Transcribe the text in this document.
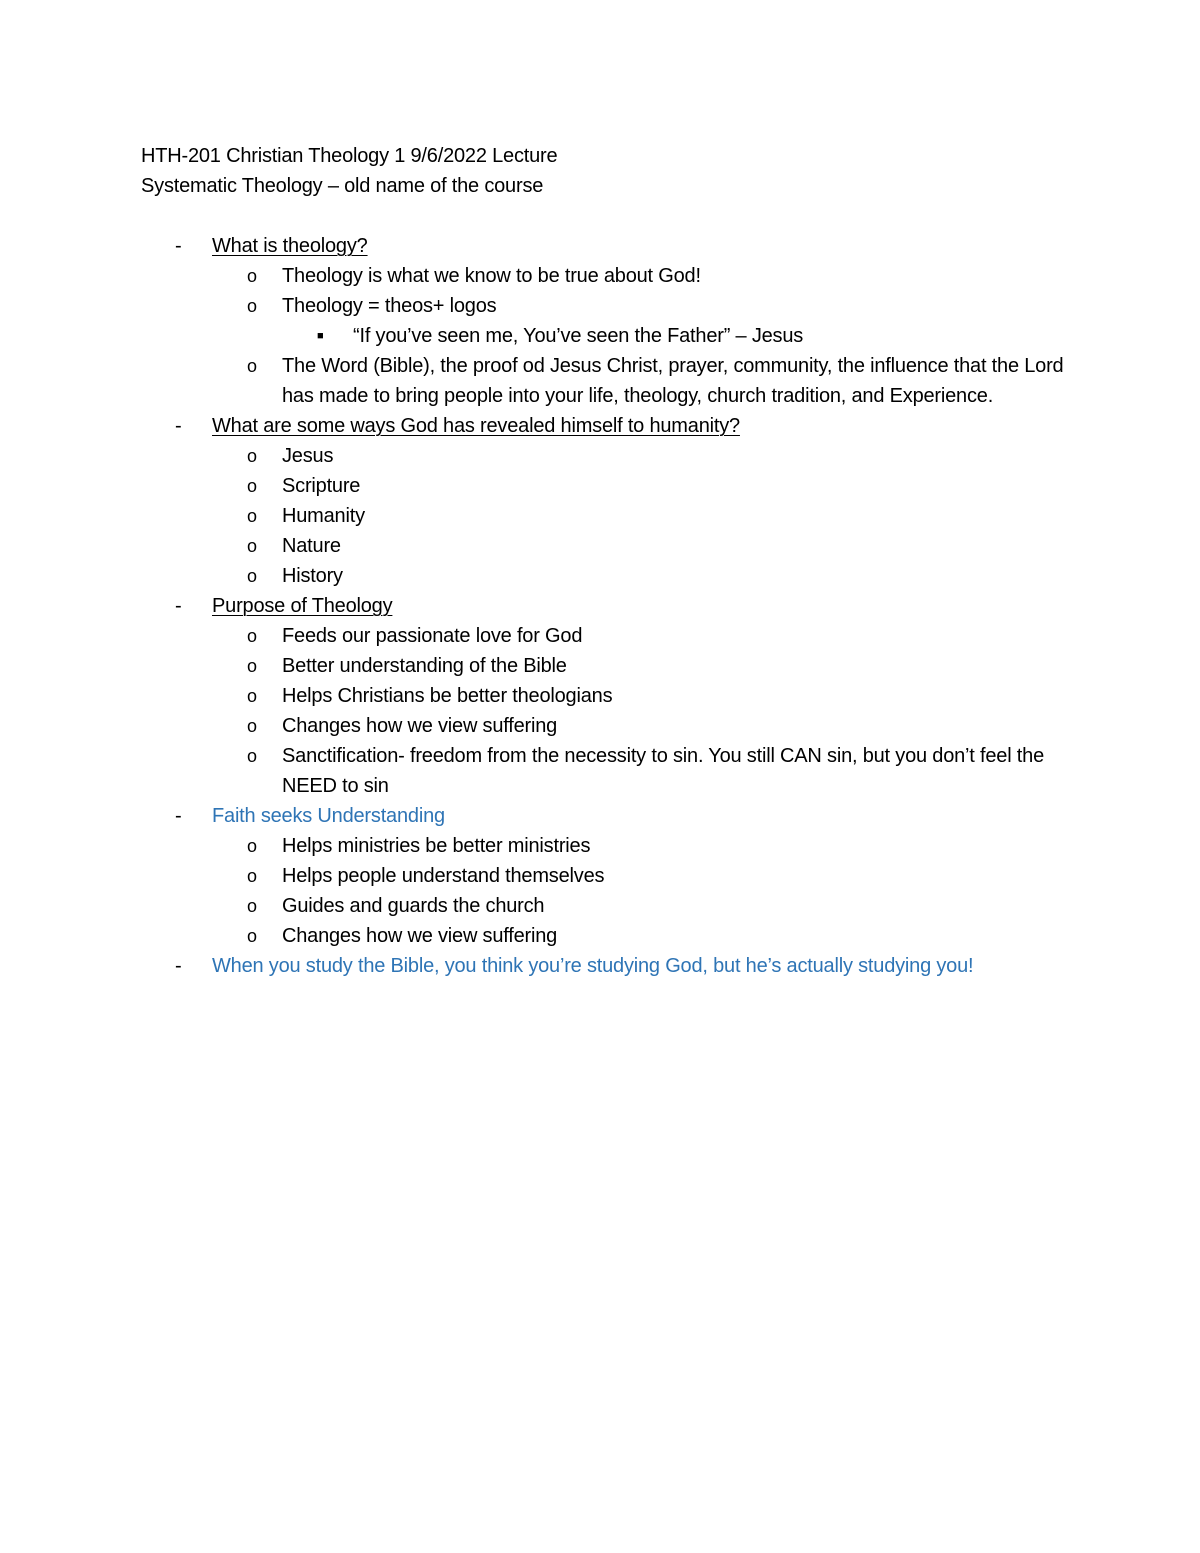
HTH-201 Christian Theology 1 9/6/2022 Lecture
Systematic Theology – old name of the course
- What is theology?
o Theology is what we know to be true about God!
o Theology = theos+ logos
■ “If you’ve seen me, You’ve seen the Father” – Jesus
o The Word (Bible), the proof od Jesus Christ, prayer, community, the influence that the Lord has made to bring people into your life, theology, church tradition, and Experience.
- What are some ways God has revealed himself to humanity?
o Jesus
o Scripture
o Humanity
o Nature
o History
- Purpose of Theology
o Feeds our passionate love for God
o Better understanding of the Bible
o Helps Christians be better theologians
o Changes how we view suffering
o Sanctification- freedom from the necessity to sin. You still CAN sin, but you don’t feel the NEED to sin
- Faith seeks Understanding
o Helps ministries be better ministries
o Helps people understand themselves
o Guides and guards the church
o Changes how we view suffering
- When you study the Bible, you think you’re studying God, but he’s actually studying you!
